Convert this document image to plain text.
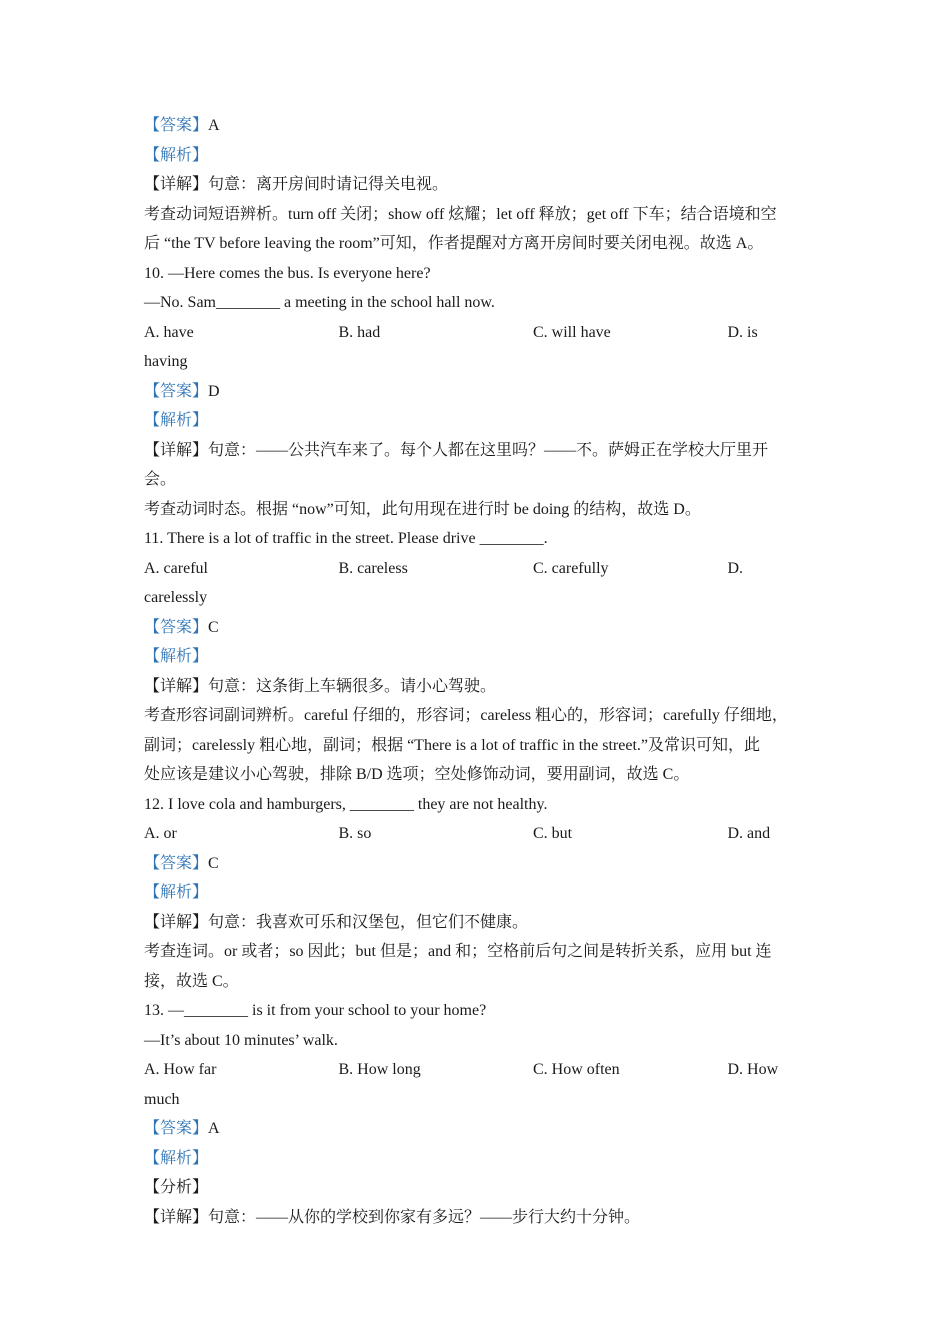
【答案】A
【解析】
【详解】句意：离开房间时请记得关电视。
考查动词短语辨析。turn off 关闭；show off 炫耀；let off 释放；get off 下车；结合语境和空
后 “the TV before leaving the room”可知，作者提醒对方离开房间时要关闭电视。故选 A。
10. —Here comes the bus. Is everyone here?
—No. Sam________ a meeting in the school hall now.
A. have	B. had	C. will have	D. is
having
【答案】D
【解析】
【详解】句意：——公共汽车来了。每个人都在这里吗？——不。萨姆正在学校大厅里开
会。
考查动词时态。根据 “now”可知，此句用现在进行时 be doing 的结构，故选 D。
11. There is a lot of traffic in the street. Please drive ________.
A. careful	B. careless	C. carefully	D.
carelessly
【答案】C
【解析】
【详解】句意：这条街上车辆很多。请小心驾驶。
考查形容词副词辨析。careful 仔细的，形容词；careless 粗心的，形容词；carefully 仔细地，
副词；carelessly 粗心地，副词；根据 “There is a lot of traffic in the street.”及常识可知，此
处应该是建议小心驾驶，排除 B/D 选项；空处修饰动词，要用副词，故选 C。
12. I love cola and hamburgers, ________ they are not healthy.
A. or	B. so	C. but	D. and
【答案】C
【解析】
【详解】句意：我喜欢可乐和汉堡包，但它们不健康。
考查连词。or 或者；so 因此；but 但是；and 和；空格前后句之间是转折关系，应用 but 连
接，故选 C。
13. —________ is it from your school to your home?
—It’s about 10 minutes’ walk.
A. How far	B. How long	C. How often	D. How
much
【答案】A
【解析】
【分析】
【详解】句意：——从你的学校到你家有多远？——步行大约十分钟。
